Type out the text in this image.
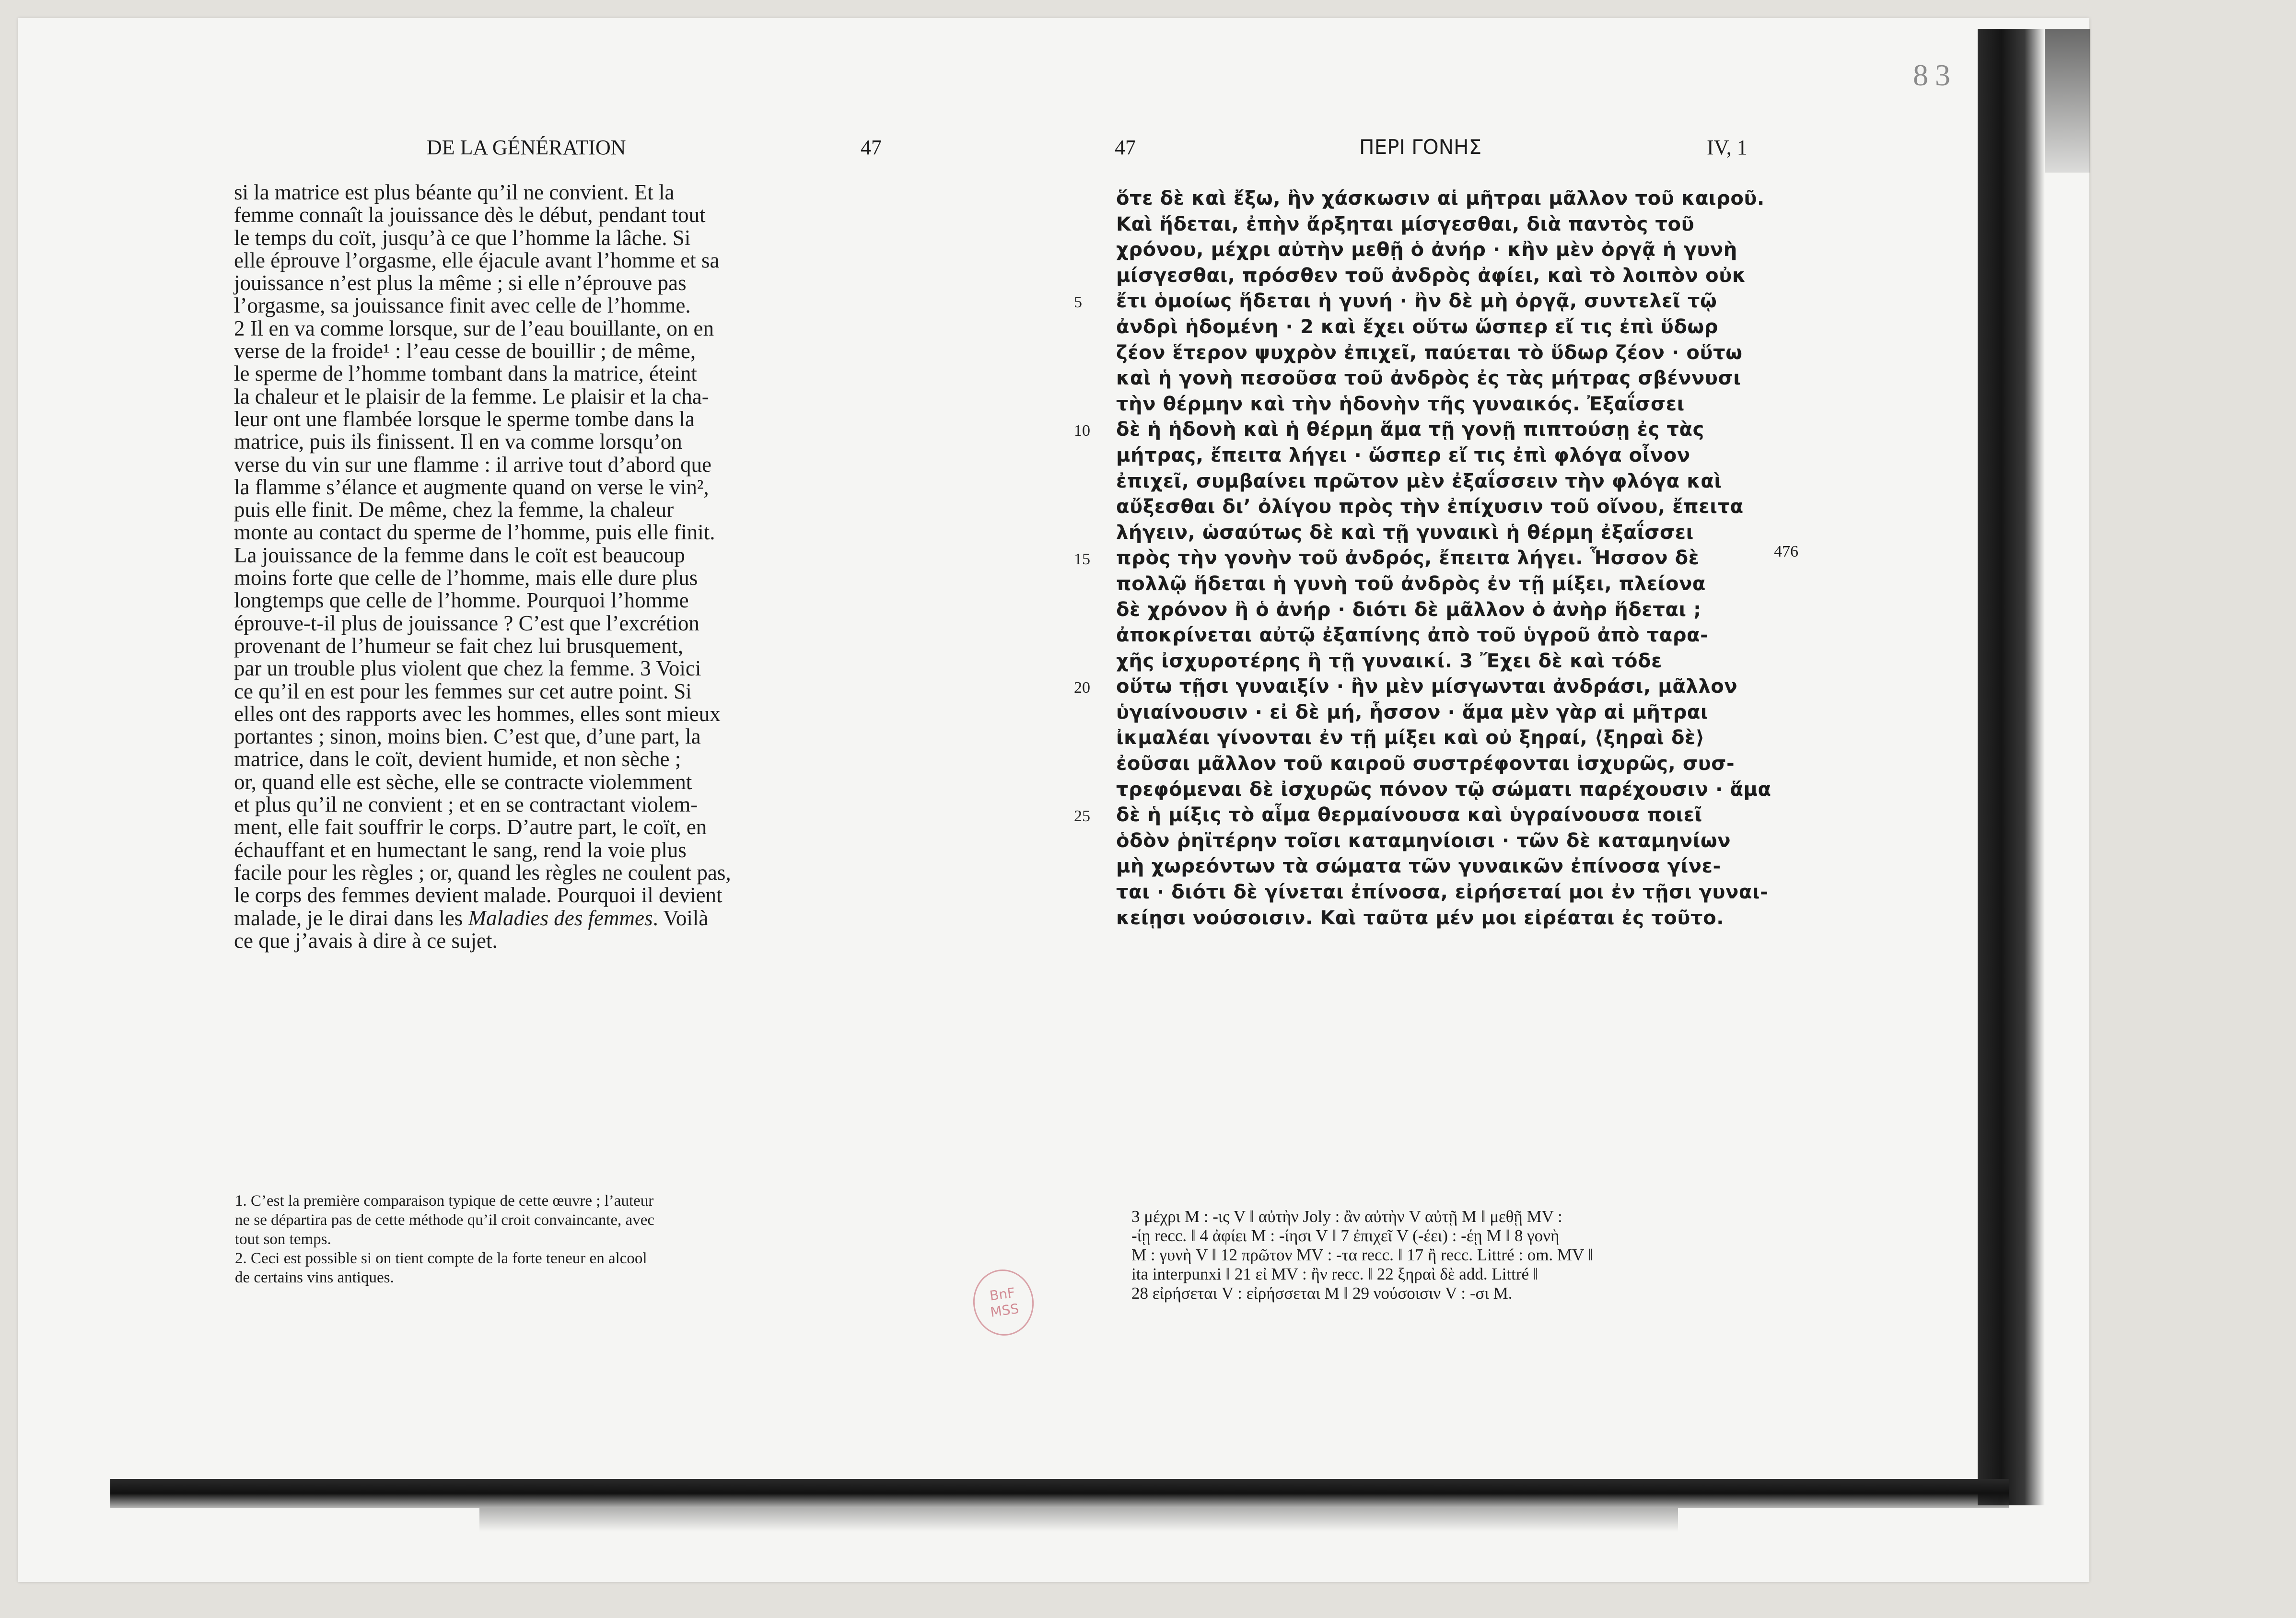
83
DE LA GÉNÉRATION	47	47	ΠΕΡΙ ΓΟΝΗΣ	IV, 1
si la matrice est plus béante qu’il ne convient. Et la
femme connaît la jouissance dès le début, pendant tout
le temps du coït, jusqu’à ce que l’homme la lâche. Si
elle éprouve l’orgasme, elle éjacule avant l’homme et sa
jouissance n’est plus la même ; si elle n’éprouve pas
l’orgasme, sa jouissance finit avec celle de l’homme.
2 Il en va comme lorsque, sur de l’eau bouillante, on en
verse de la froide¹ : l’eau cesse de bouillir ; de même,
le sperme de l’homme tombant dans la matrice, éteint
la chaleur et le plaisir de la femme. Le plaisir et la cha-
leur ont une flambée lorsque le sperme tombe dans la
matrice, puis ils finissent. Il en va comme lorsqu’on
verse du vin sur une flamme : il arrive tout d’abord que
la flamme s’élance et augmente quand on verse le vin²,
puis elle finit. De même, chez la femme, la chaleur
monte au contact du sperme de l’homme, puis elle finit.
La jouissance de la femme dans le coït est beaucoup
moins forte que celle de l’homme, mais elle dure plus
longtemps que celle de l’homme. Pourquoi l’homme
éprouve-t-il plus de jouissance ? C’est que l’excrétion
provenant de l’humeur se fait chez lui brusquement,
par un trouble plus violent que chez la femme. 3 Voici
ce qu’il en est pour les femmes sur cet autre point. Si
elles ont des rapports avec les hommes, elles sont mieux
portantes ; sinon, moins bien. C’est que, d’une part, la
matrice, dans le coït, devient humide, et non sèche ;
or, quand elle est sèche, elle se contracte violemment
et plus qu’il ne convient ; et en se contractant violem-
ment, elle fait souffrir le corps. D’autre part, le coït, en
échauffant et en humectant le sang, rend la voie plus
facile pour les règles ; or, quand les règles ne coulent pas,
le corps des femmes devient malade. Pourquoi il devient
malade, je le dirai dans les Maladies des femmes. Voilà
ce que j’avais à dire à ce sujet.
1. C’est la première comparaison typique de cette œuvre ; l’auteur
ne se départira pas de cette méthode qu’il croit convaincante, avec
tout son temps.
2. Ceci est possible si on tient compte de la forte teneur en alcool
de certains vins antiques.
ὅτε δὲ καὶ ἔξω, ἢν χάσκωσιν αἱ μῆτραι μᾶλλον τοῦ καιροῦ.
Καὶ ἥδεται, ἐπὴν ἄρξηται μίσγεσθαι, διὰ παντὸς τοῦ
χρόνου, μέχρι αὐτὴν μεθῇ ὁ ἀνήρ · κἢν μὲν ὀργᾷ ἡ γυνὴ
μίσγεσθαι, πρόσθεν τοῦ ἀνδρὸς ἀφίει, καὶ τὸ λοιπὸν οὐκ
ἔτι ὁμοίως ἥδεται ἡ γυνή · ἢν δὲ μὴ ὀργᾷ, συντελεῖ τῷ
ἀνδρὶ ἡδομένη · 2 καὶ ἔχει οὕτω ὥσπερ εἴ τις ἐπὶ ὕδωρ
ζέον ἕτερον ψυχρὸν ἐπιχεῖ, παύεται τὸ ὕδωρ ζέον · οὕτω
καὶ ἡ γονὴ πεσοῦσα τοῦ ἀνδρὸς ἐς τὰς μήτρας σβέννυσι
τὴν θέρμην καὶ τὴν ἡδονὴν τῆς γυναικός. Ἐξαΐσσει
δὲ ἡ ἡδονὴ καὶ ἡ θέρμη ἅμα τῇ γονῇ πιπτούσῃ ἐς τὰς
μήτρας, ἔπειτα λήγει · ὥσπερ εἴ τις ἐπὶ φλόγα οἶνον
ἐπιχεῖ, συμβαίνει πρῶτον μὲν ἐξαΐσσειν τὴν φλόγα καὶ
αὔξεσθαι δι’ ὀλίγου πρὸς τὴν ἐπίχυσιν τοῦ οἴνου, ἔπειτα
λήγειν, ὡσαύτως δὲ καὶ τῇ γυναικὶ ἡ θέρμη ἐξαΐσσει
πρὸς τὴν γονὴν τοῦ ἀνδρός, ἔπειτα λήγει. Ἧσσον δὲ
πολλῷ ἥδεται ἡ γυνὴ τοῦ ἀνδρὸς ἐν τῇ μίξει, πλείονα
δὲ χρόνον ἢ ὁ ἀνήρ · διότι δὲ μᾶλλον ὁ ἀνὴρ ἥδεται ;
ἀποκρίνεται αὐτῷ ἐξαπίνης ἀπὸ τοῦ ὑγροῦ ἀπὸ ταρα-
χῆς ἰσχυροτέρης ἢ τῇ γυναικί. 3 Ἔχει δὲ καὶ τόδε
οὕτω τῇσι γυναιξίν · ἢν μὲν μίσγωνται ἀνδράσι, μᾶλλον
ὑγιαίνουσιν · εἰ δὲ μή, ἧσσον · ἅμα μὲν γὰρ αἱ μῆτραι
ἰκμαλέαι γίνονται ἐν τῇ μίξει καὶ οὐ ξηραί, ⟨ξηραὶ δὲ⟩
ἐοῦσαι μᾶλλον τοῦ καιροῦ συστρέφονται ἰσχυρῶς, συσ-
τρεφόμεναι δὲ ἰσχυρῶς πόνον τῷ σώματι παρέχουσιν · ἅμα
δὲ ἡ μίξις τὸ αἷμα θερμαίνουσα καὶ ὑγραίνουσα ποιεῖ
ὁδὸν ῥηϊτέρην τοῖσι καταμηνίοισι · τῶν δὲ καταμηνίων
μὴ χωρεόντων τὰ σώματα τῶν γυναικῶν ἐπίνοσα γίνε-
ται · διότι δὲ γίνεται ἐπίνοσα, εἰρήσεταί μοι ἐν τῇσι γυναι-
κείῃσι νούσοισιν. Καὶ ταῦτα μέν μοι εἰρέαται ἐς τοῦτο.
5
10
15
20
25
476
3 μέχρι M : -ις V ‖ αὐτὴν Joly : ἂν αὐτὴν V αὐτῇ M ‖ μεθῇ MV :
-ίῃ recc. ‖ 4 ἀφίει M : -ίησι V ‖ 7 ἐπιχεῖ V (-έει) : -έῃ M ‖ 8 γονὴ
M : γυνὴ V ‖ 12 πρῶτον MV : -τα recc. ‖ 17 ἢ recc. Littré : om. MV ‖
ita interpunxi ‖ 21 εἰ MV : ἢν recc. ‖ 22 ξηραὶ δὲ add. Littré ‖
28 εἰρήσεται V : εἰρήσσεται M ‖ 29 νούσοισιν V : -σι M.
BnF
MSS
